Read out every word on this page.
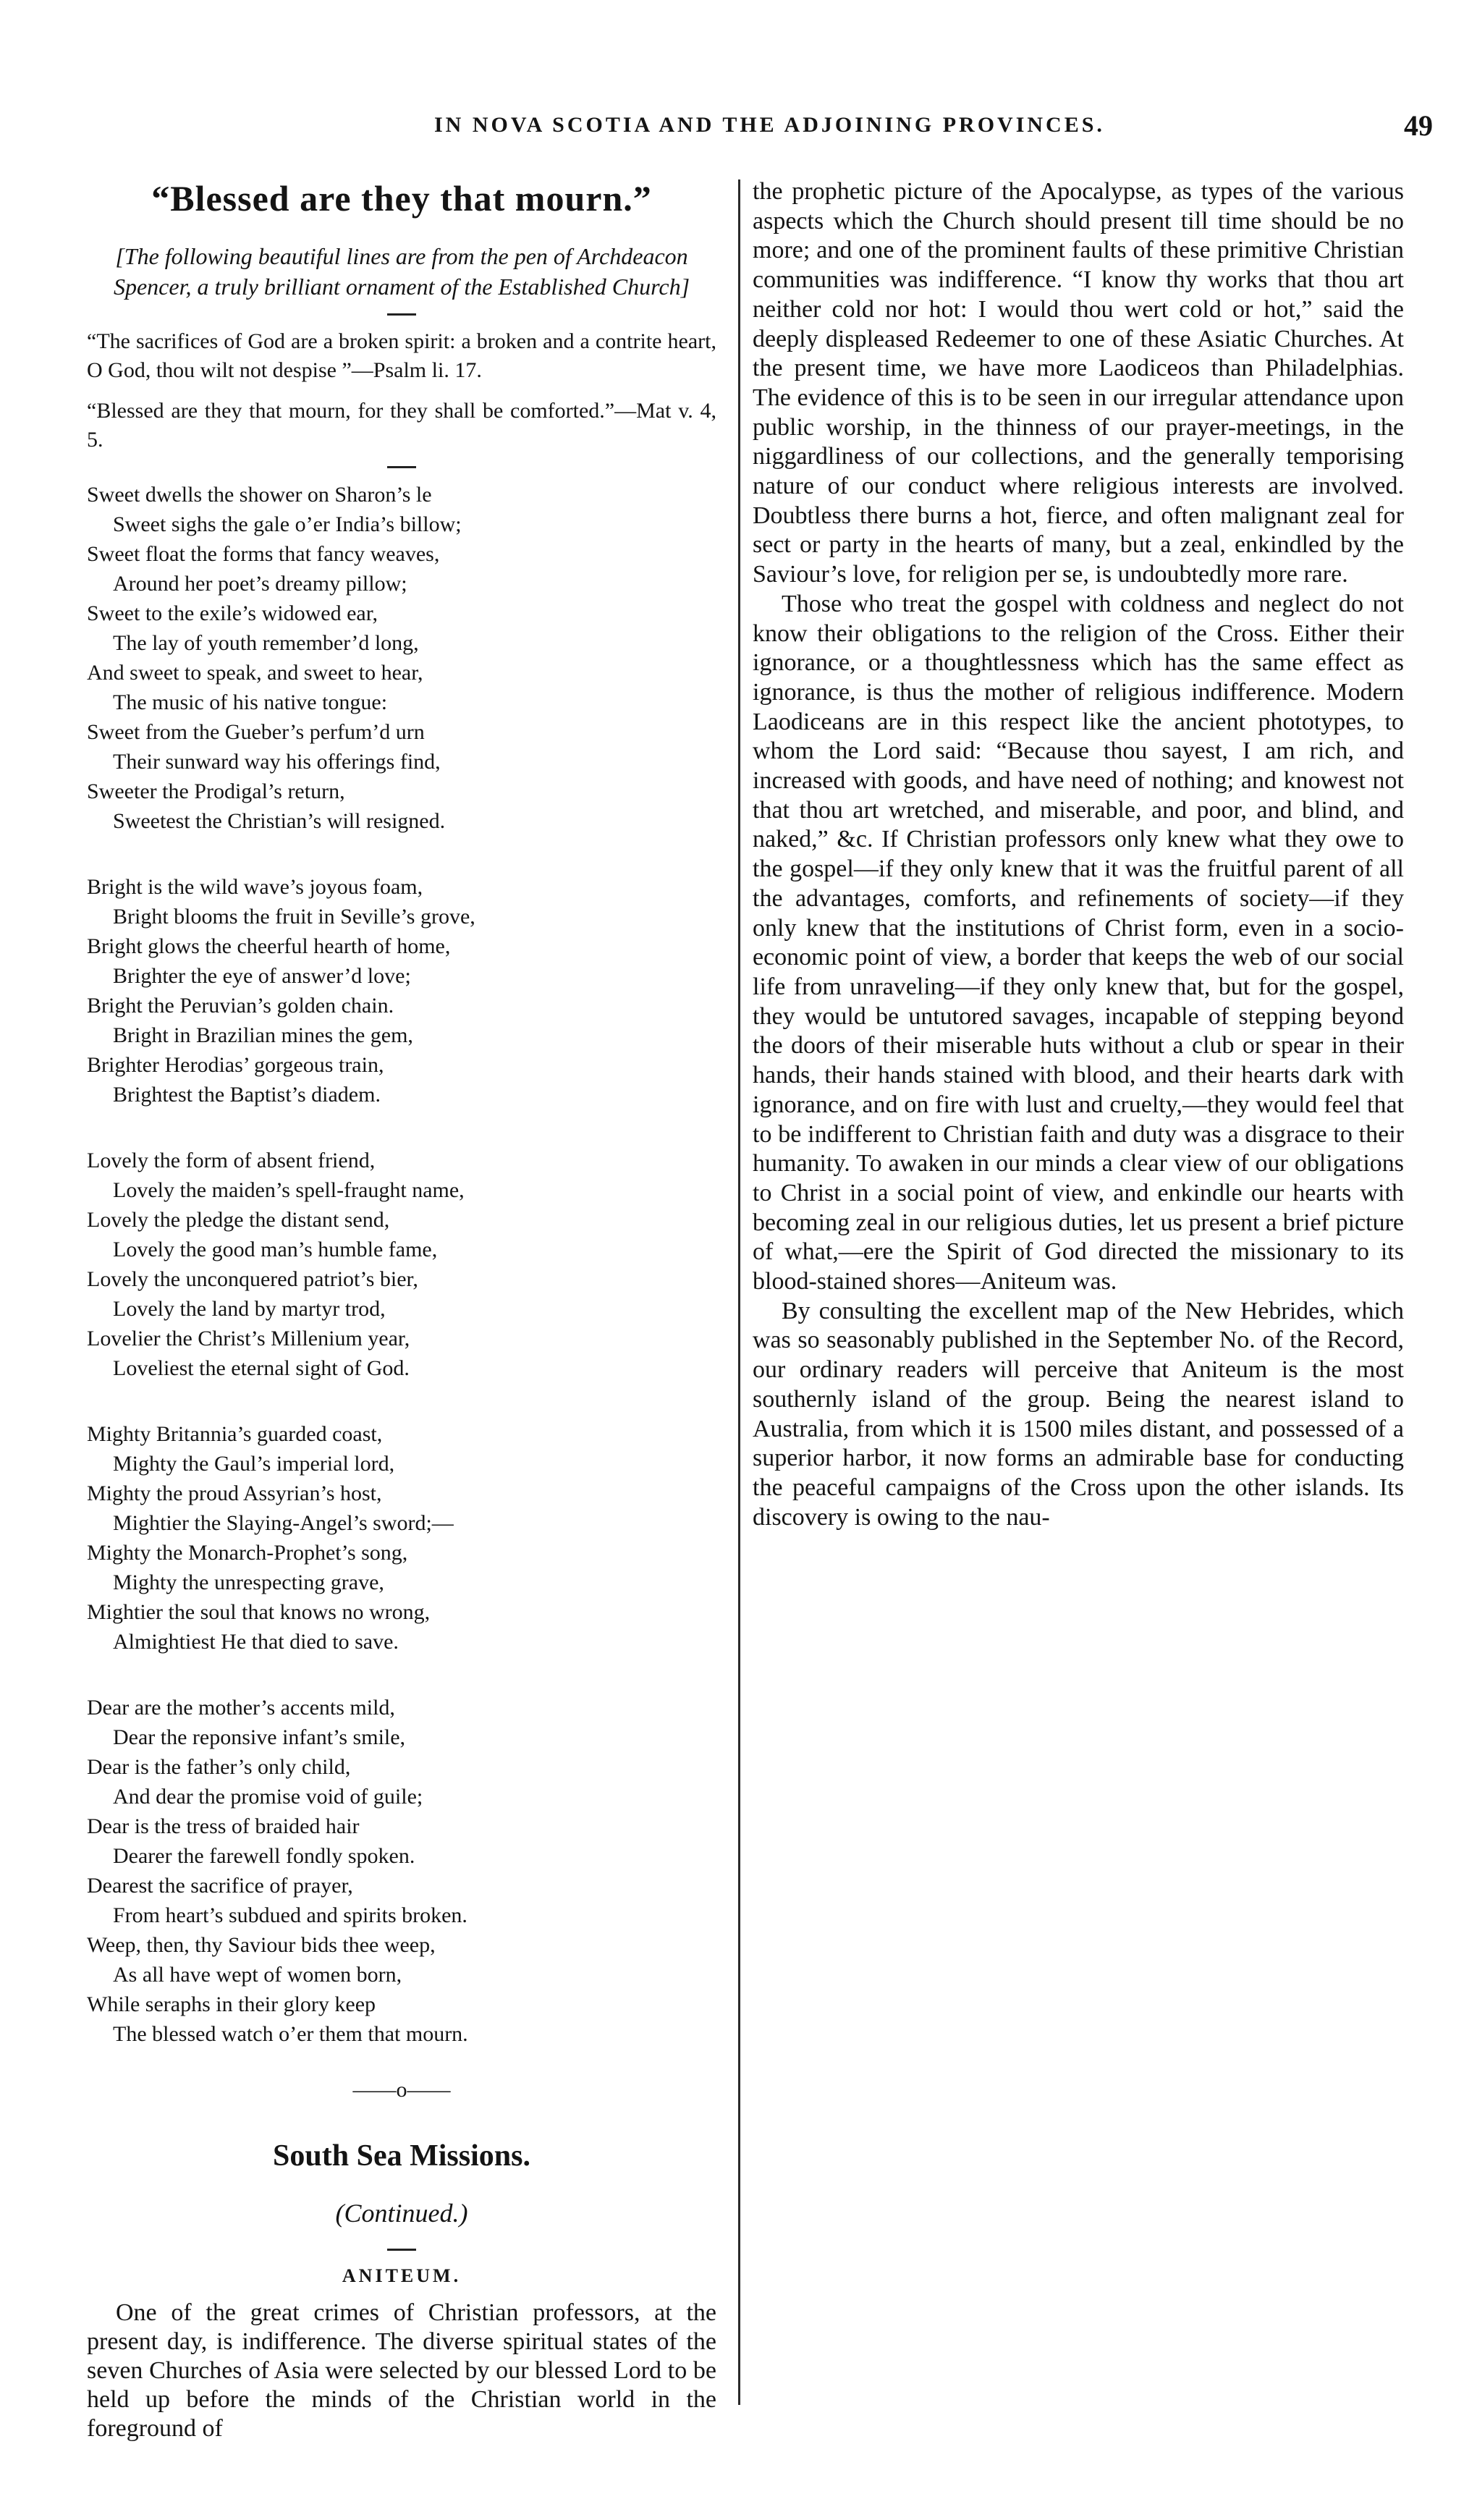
IN NOVA SCOTIA AND THE ADJOINING PROVINCES.	49
“Blessed are they that mourn.”
[The following beautiful lines are from the pen of Archdeacon Spencer, a truly brilliant ornament of the Established Church]

“The sacrifices of God are a broken spirit: a broken and a contrite heart, O God, thou wilt not despise ”—Psalm li. 17.

“Blessed are they that mourn, for they shall be comforted.”—Mat v. 4, 5.

Sweet dwells the shower on Sharon’s le
Sweet sighs the gale o’er India’s billow;
Sweet float the forms that fancy weaves,
Around her poet’s dreamy pillow;
Sweet to the exile’s widowed ear,
The lay of youth remember’d long,
And sweet to speak, and sweet to hear,
The music of his native tongue:
Sweet from the Gueber’s perfum’d urn
Their sunward way his offerings find,
Sweeter the Prodigal’s return,
Sweetest the Christian’s will resigned.
Bright is the wild wave’s joyous foam,
Bright blooms the fruit in Seville’s grove,
Bright glows the cheerful hearth of home,
Brighter the eye of answer’d love;
Bright the Peruvian’s golden chain.
Bright in Brazilian mines the gem,
Brighter Herodias’ gorgeous train,
Brightest the Baptist’s diadem.
Lovely the form of absent friend,
Lovely the maiden’s spell-fraught name,
Lovely the pledge the distant send,
Lovely the good man’s humble fame,
Lovely the unconquered patriot’s bier,
Lovely the land by martyr trod,
Lovelier the Christ’s Millenium year,
Loveliest the eternal sight of God.
Mighty Britannia’s guarded coast,
Mighty the Gaul’s imperial lord,
Mighty the proud Assyrian’s host,
Mightier the Slaying-Angel’s sword;—
Mighty the Monarch-Prophet’s song,
Mighty the unrespecting grave,
Mightier the soul that knows no wrong,
Almightiest He that died to save.
Dear are the mother’s accents mild,
Dear the reponsive infant’s smile,
Dear is the father’s only child,
And dear the promise void of guile;
Dear is the tress of braided hair
Dearer the farewell fondly spoken.
Dearest the sacrifice of prayer,
From heart’s subdued and spirits broken.
Weep, then, thy Saviour bids thee weep,
As all have wept of women born,
While seraphs in their glory keep
The blessed watch o’er them that mourn.
——o——
South Sea Missions.
(Continued.)
ANITEUM.

One of the great crimes of Christian professors, at the present day, is indifference. The diverse spiritual states of the seven Churches of Asia were selected by our blessed Lord to be held up before the minds of the Christian world in the foreground of

the prophetic picture of the Apocalypse, as types of the various aspects which the Church should present till time should be no more; and one of the prominent faults of these primitive Christian communities was indifference. “I know thy works that thou art neither cold nor hot: I would thou wert cold or hot,” said the deeply displeased Redeemer to one of these Asiatic Churches. At the present time, we have more Laodiceos than Philadelphias. The evidence of this is to be seen in our irregular attendance upon public worship, in the thinness of our prayer-meetings, in the niggardliness of our collections, and the generally temporising nature of our conduct where religious interests are involved. Doubtless there burns a hot, fierce, and often malignant zeal for sect or party in the hearts of many, but a zeal, enkindled by the Saviour’s love, for religion per se, is undoubtedly more rare.

Those who treat the gospel with coldness and neglect do not know their obligations to the religion of the Cross. Either their ignorance, or a thoughtlessness which has the same effect as ignorance, is thus the mother of religious indifference. Modern Laodiceans are in this respect like the ancient phototypes, to whom the Lord said: “Because thou sayest, I am rich, and increased with goods, and have need of nothing; and knowest not that thou art wretched, and miserable, and poor, and blind, and naked,” &c. If Christian professors only knew what they owe to the gospel—if they only knew that it was the fruitful parent of all the advantages, comforts, and refinements of society—if they only knew that the institutions of Christ form, even in a socio-economic point of view, a border that keeps the web of our social life from unraveling—if they only knew that, but for the gospel, they would be untutored savages, incapable of stepping beyond the doors of their miserable huts without a club or spear in their hands, their hands stained with blood, and their hearts dark with ignorance, and on fire with lust and cruelty,—they would feel that to be indifferent to Christian faith and duty was a disgrace to their humanity. To awaken in our minds a clear view of our obligations to Christ in a social point of view, and enkindle our hearts with becoming zeal in our religious duties, let us present a brief picture of what,—ere the Spirit of God directed the missionary to its blood-stained shores—Aniteum was.

By consulting the excellent map of the New Hebrides, which was so seasonably published in the September No. of the Record, our ordinary readers will perceive that Aniteum is the most southernly island of the group. Being the nearest island to Australia, from which it is 1500 miles distant, and possessed of a superior harbor, it now forms an admirable base for conducting the peaceful campaigns of the Cross upon the other islands. Its discovery is owing to the nau-
